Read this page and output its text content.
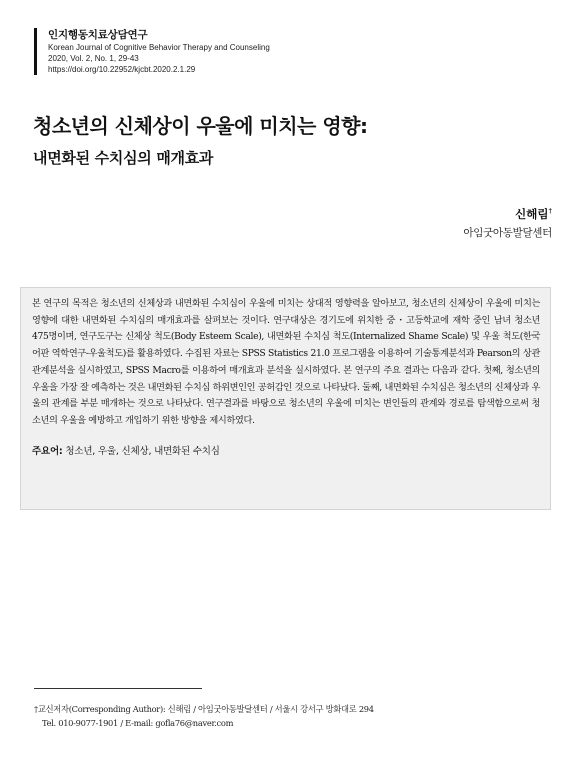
인지행동치료상담연구
Korean Journal of Cognitive Behavior Therapy and Counseling
2020, Vol. 2, No. 1, 29-43
https://doi.org/10.22952/kjcbt.2020.2.1.29
청소년의 신체상이 우울에 미치는 영향:
내면화된 수치심의 매개효과
신해림†
아임굿아동발달센터
본 연구의 목적은 청소년의 신체상과 내면화된 수치심이 우울에 미치는 상대적 영향력을 알아보고, 청소년의 신체상이 우울에 미치는 영향에 대한 내면화된 수치심의 매개효과를 살펴보는 것이다. 연구대상은 경기도에 위치한 중・고등학교에 재학 중인 남녀 청소년 475명이며, 연구도구는 신체상 척도(Body Esteem Scale), 내면화된 수치심 척도(Internalized Shame Scale) 및 우울 척도(한국어판 역학연구-우울척도)를 활용하였다. 수집된 자료는 SPSS Statistics 21.0 프로그램을 이용하여 기술통계분석과 Pearson의 상관관계분석을 실시하였고, SPSS Macro를 이용하여 매개효과 분석을 실시하였다. 본 연구의 주요 결과는 다음과 같다. 첫째, 청소년의 우울을 가장 잘 예측하는 것은 내면화된 수치심 하위변인인 공허감인 것으로 나타났다. 둘째, 내면화된 수치심은 청소년의 신체상과 우울의 관계를 부분 매개하는 것으로 나타났다. 연구결과를 바탕으로 청소년의 우울에 미치는 변인들의 관계와 경로를 탐색함으로써 청소년의 우울을 예방하고 개입하기 위한 방향을 제시하였다.
주요어: 청소년, 우울, 신체상, 내면화된 수치심
†교신저자(Corresponding Author): 신해림 / 아임굿아동발달센터 / 서울시 강서구 방화대로 294
Tel. 010-9077-1901 / E-mail: gofla76@naver.com
